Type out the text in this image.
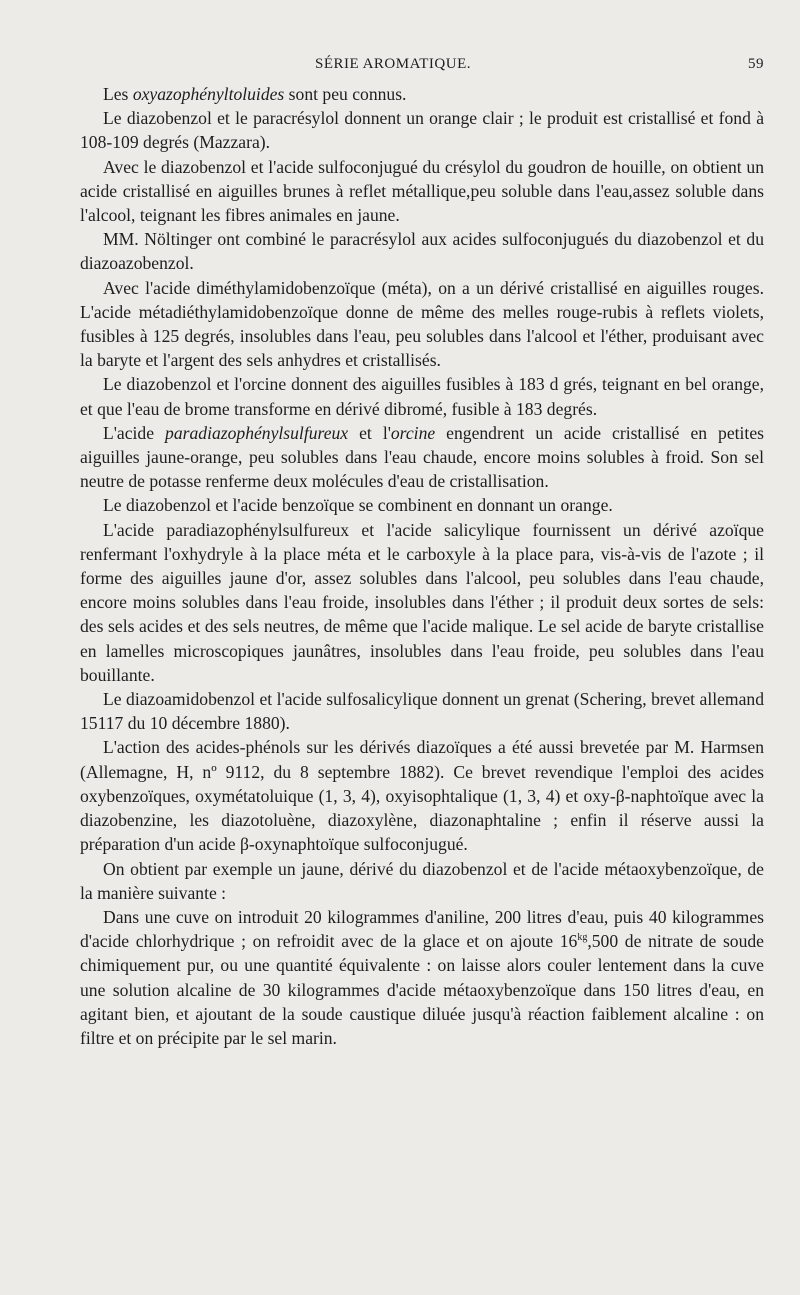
SÉRIE AROMATIQUE.	59

Les oxyazophényltoluides sont peu connus.

Le diazobenzol et le paracrésylol donnent un orange clair ; le produit est cristallisé et fond à 108-109 degrés (Mazzara).

Avec le diazobenzol et l'acide sulfoconjugué du crésylol du goudron de houille, on obtient un acide cristallisé en aiguilles brunes à reflet métallique,peu soluble dans l'eau,assez soluble dans l'alcool, teignant les fibres animales en jaune.

MM. Nöltinger ont combiné le paracrésylol aux acides sulfoconjugués du diazobenzol et du diazoazobenzol.

Avec l'acide diméthylamidobenzoïque (méta), on a un dérivé cristallisé en aiguilles rouges. L'acide métadiéthylamidobenzoïque donne de même des melles rouge-rubis à reflets violets, fusibles à 125 degrés, insolubles dans l'eau, peu solubles dans l'alcool et l'éther, produisant avec la baryte et l'argent des sels anhydres et cristallisés.

Le diazobenzol et l'orcine donnent des aiguilles fusibles à 183 d grés, teignant en bel orange, et que l'eau de brome transforme en dérivé dibromé, fusible à 183 degrés.

L'acide paradiazophénylsulfureux et l'orcine engendrent un acide cristallisé en petites aiguilles jaune-orange, peu solubles dans l'eau chaude, encore moins solubles à froid. Son sel neutre de potasse renferme deux molécules d'eau de cristallisation.

Le diazobenzol et l'acide benzoïque se combinent en donnant un orange.

L'acide paradiazophénylsulfureux et l'acide salicylique fournissent un dérivé azoïque renfermant l'oxhydryle à la place méta et le carboxyle à la place para, vis-à-vis de l'azote ; il forme des aiguilles jaune d'or, assez solubles dans l'alcool, peu solubles dans l'eau chaude, encore moins solubles dans l'eau froide, insolubles dans l'éther ; il produit deux sortes de sels: des sels acides et des sels neutres, de même que l'acide malique. Le sel acide de baryte cristallise en lamelles microscopiques jaunâtres, insolubles dans l'eau froide, peu solubles dans l'eau bouillante.

Le diazoamidobenzol et l'acide sulfosalicylique donnent un grenat (Schering, brevet allemand 15117 du 10 décembre 1880).

L'action des acides-phénols sur les dérivés diazoïques a été aussi brevetée par M. Harmsen (Allemagne, H, nº 9112, du 8 septembre 1882). Ce brevet revendique l'emploi des acides oxybenzoïques, oxymétatoluique (1, 3, 4), oxyisophtalique (1, 3, 4) et oxy-β-naphtoïque avec la diazobenzine, les diazotoluène, diazoxylène, diazonaphtaline ; enfin il réserve aussi la préparation d'un acide β-oxynaphtoïque sulfoconjugué.

On obtient par exemple un jaune, dérivé du diazobenzol et de l'acide métaoxybenzoïque, de la manière suivante :

Dans une cuve on introduit 20 kilogrammes d'aniline, 200 litres d'eau, puis 40 kilogrammes d'acide chlorhydrique ; on refroidit avec de la glace et on ajoute $16^{kg},500$ de nitrate de soude chimiquement pur, ou une quantité équivalente : on laisse alors couler lentement dans la cuve une solution alcaline de 30 kilogrammes d'acide métaoxybenzoïque dans 150 litres d'eau, en agitant bien, et ajoutant de la soude caustique diluée jusqu'à réaction faiblement alcaline : on filtre et on précipite par le sel marin.
